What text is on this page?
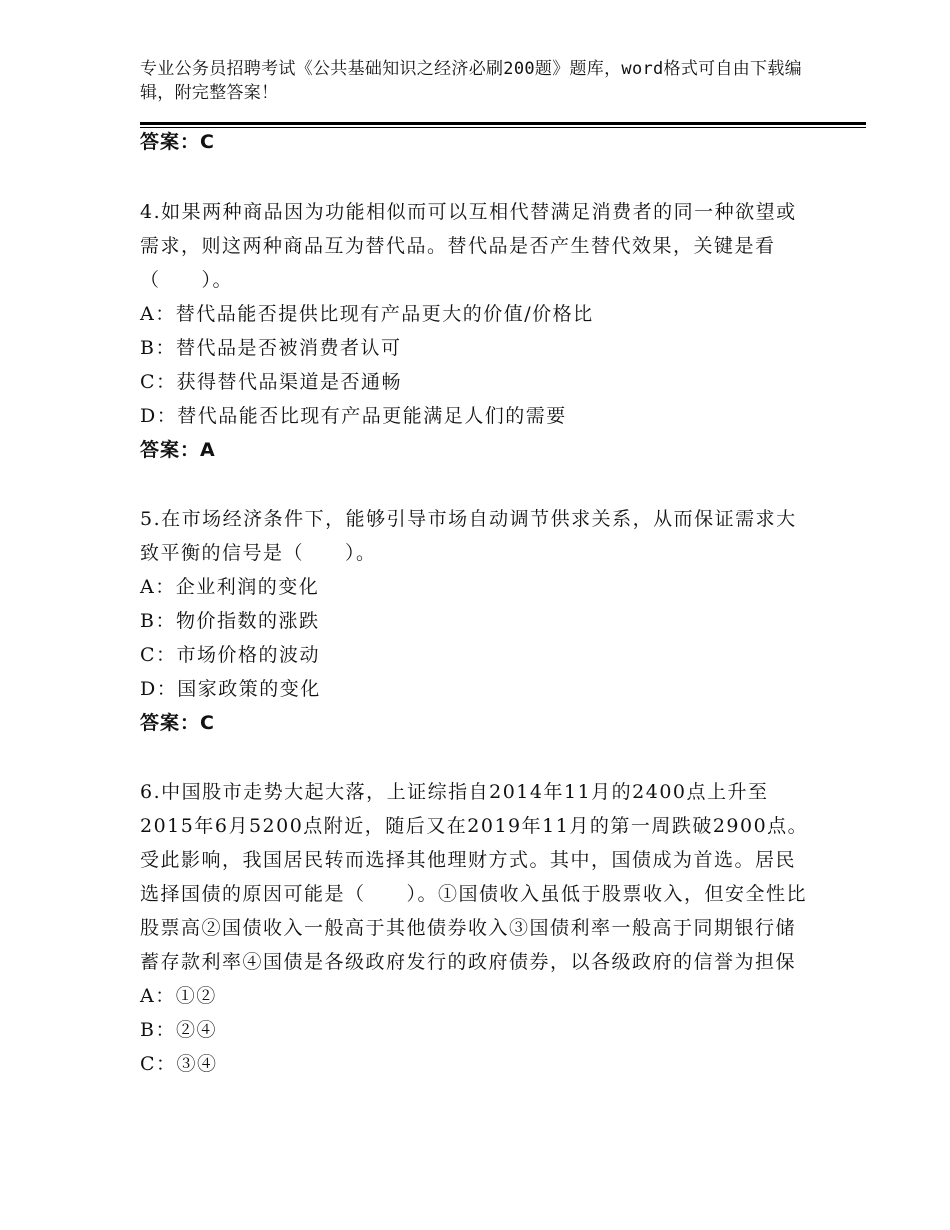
专业公务员招聘考试《公共基础知识之经济必刷200题》题库，word格式可自由下载编辑，附完整答案！
答案：C

4.如果两种商品因为功能相似而可以互相代替满足消费者的同一种欲望或需求，则这两种商品互为替代品。替代品是否产生替代效果，关键是看（　　）。

A：替代品能否提供比现有产品更大的价值/价格比
B：替代品是否被消费者认可
C：获得替代品渠道是否通畅
D：替代品能否比现有产品更能满足人们的需要
答案：A

5.在市场经济条件下，能够引导市场自动调节供求关系，从而保证需求大致平衡的信号是（　　）。

A：企业利润的变化
B：物价指数的涨跌
C：市场价格的波动
D：国家政策的变化
答案：C

6.中国股市走势大起大落，上证综指自2014年11月的2400点上升至2015年6月5200点附近，随后又在2019年11月的第一周跌破2900点。受此影响，我国居民转而选择其他理财方式。其中，国债成为首选。居民选择国债的原因可能是（　　）。①国债收入虽低于股票收入，但安全性比股票高②国债收入一般高于其他债券收入③国债利率一般高于同期银行储蓄存款利率④国债是各级政府发行的政府债券，以各级政府的信誉为担保

A：①②
B：②④
C：③④
